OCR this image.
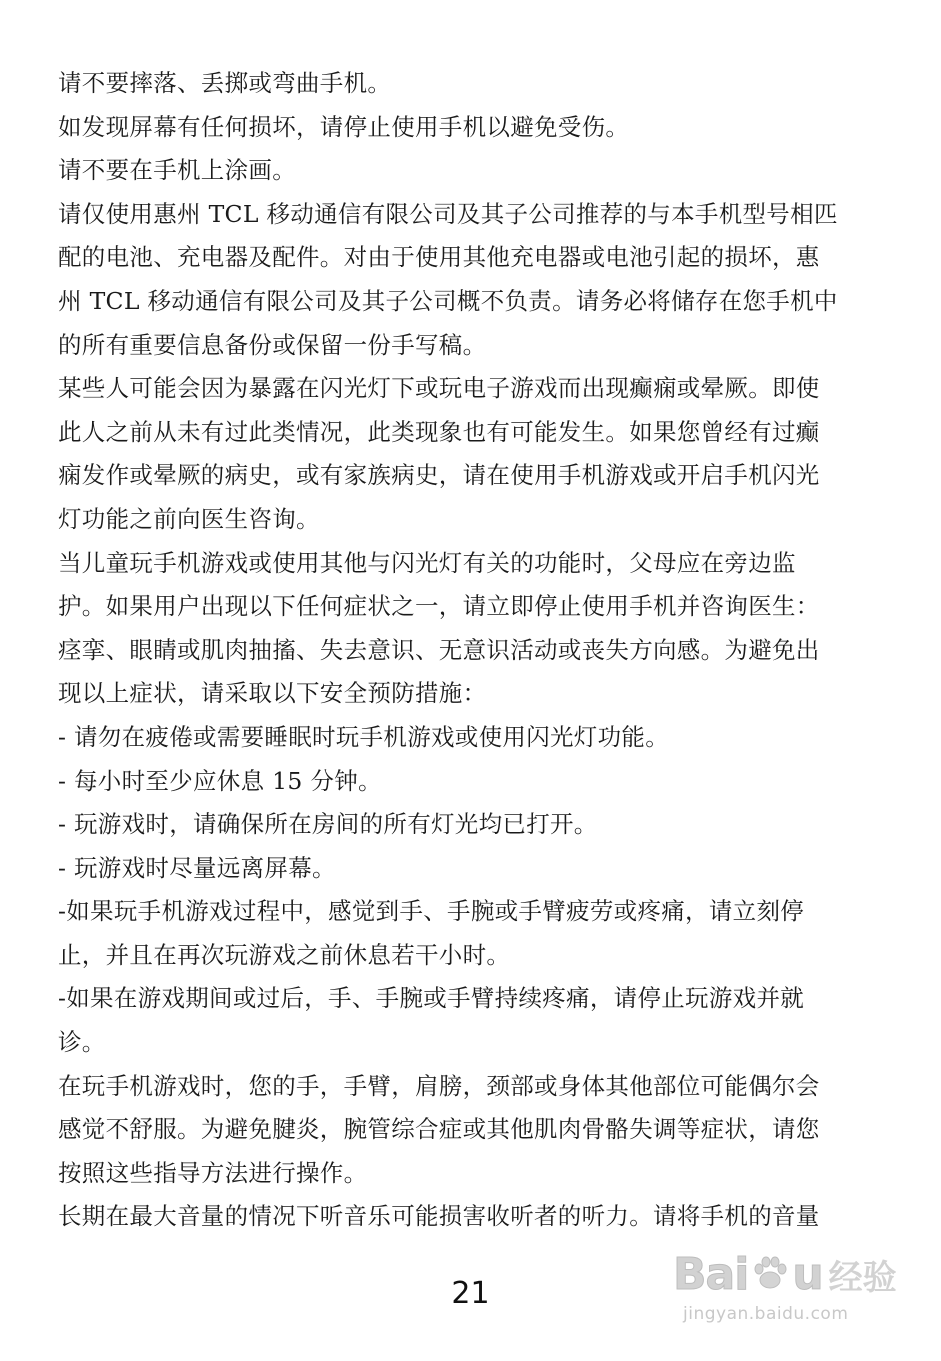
请不要摔落、丢掷或弯曲手机。
如发现屏幕有任何损坏，请停止使用手机以避免受伤。
请不要在手机上涂画。
请仅使用惠州 TCL 移动通信有限公司及其子公司推荐的与本手机型号相匹
配的电池、充电器及配件。对由于使用其他充电器或电池引起的损坏，惠
州 TCL 移动通信有限公司及其子公司概不负责。请务必将储存在您手机中
的所有重要信息备份或保留一份手写稿。
某些人可能会因为暴露在闪光灯下或玩电子游戏而出现癫痫或晕厥。即使
此人之前从未有过此类情况，此类现象也有可能发生。如果您曾经有过癫
痫发作或晕厥的病史，或有家族病史，请在使用手机游戏或开启手机闪光
灯功能之前向医生咨询。
当儿童玩手机游戏或使用其他与闪光灯有关的功能时，父母应在旁边监
护。如果用户出现以下任何症状之一，请立即停止使用手机并咨询医生：
痉挛、眼睛或肌肉抽搐、失去意识、无意识活动或丧失方向感。为避免出
现以上症状，请采取以下安全预防措施：
- 请勿在疲倦或需要睡眠时玩手机游戏或使用闪光灯功能。
- 每小时至少应休息 15 分钟。
- 玩游戏时，请确保所在房间的所有灯光均已打开。
- 玩游戏时尽量远离屏幕。
-如果玩手机游戏过程中，感觉到手、手腕或手臂疲劳或疼痛，请立刻停
止，并且在再次玩游戏之前休息若干小时。
-如果在游戏期间或过后，手、手腕或手臂持续疼痛，请停止玩游戏并就
诊。
在玩手机游戏时，您的手，手臂，肩膀，颈部或身体其他部位可能偶尔会
感觉不舒服。为避免腱炎，腕管综合症或其他肌肉骨骼失调等症状，请您
按照这些指导方法进行操作。
长期在最大音量的情况下听音乐可能损害收听者的听力。请将手机的音量
21	Bai u 经验
jingyan.baidu.com
